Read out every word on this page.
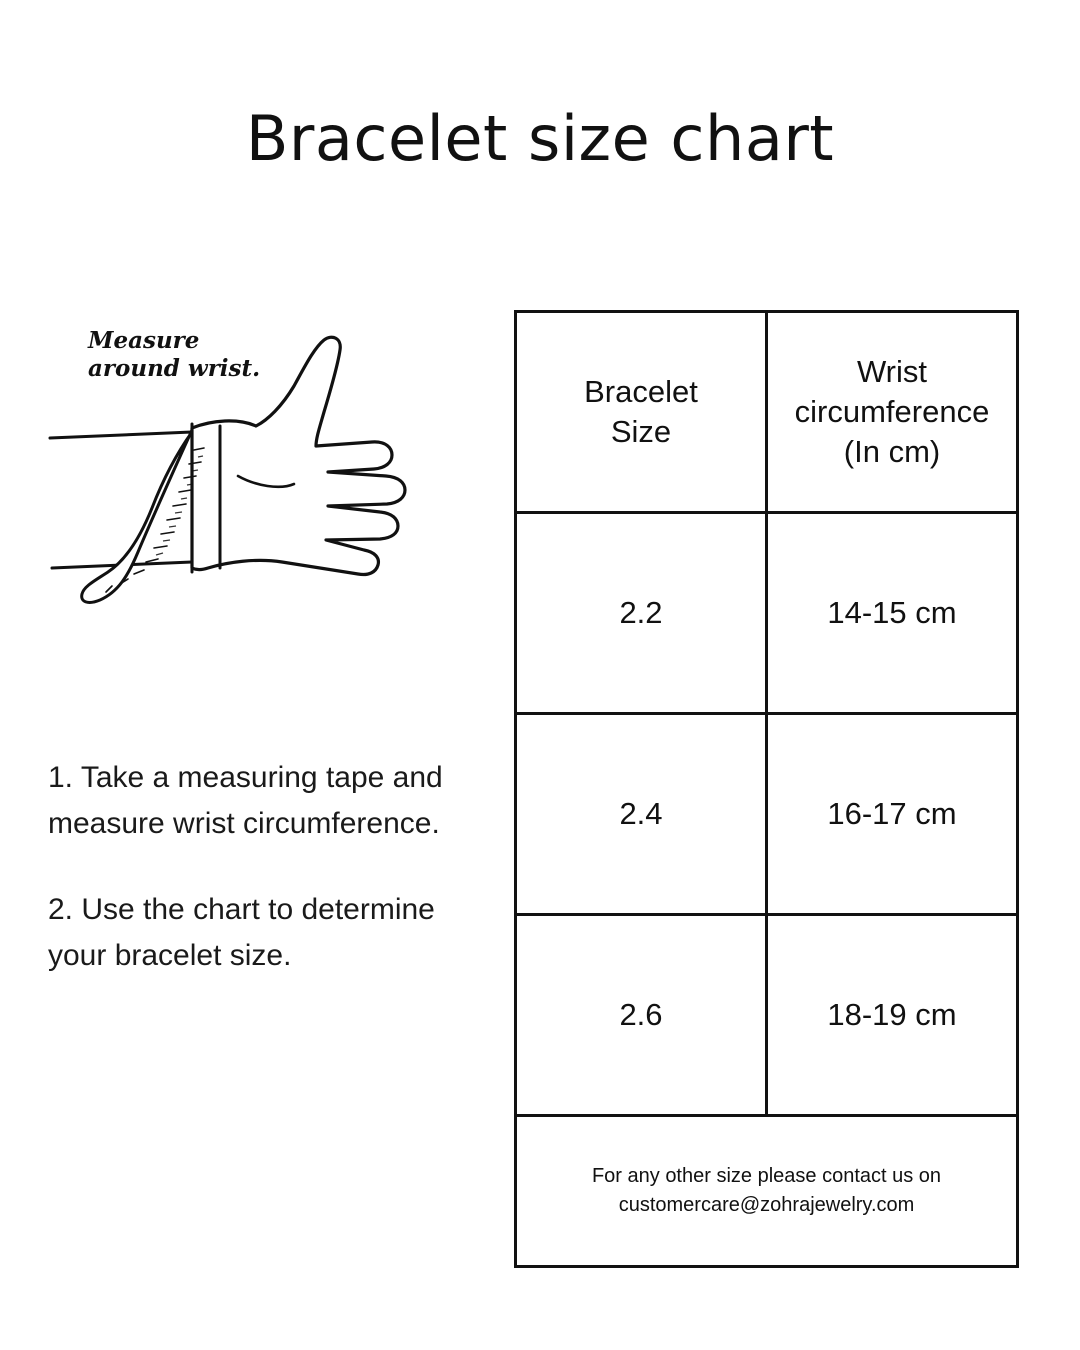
Bracelet size chart
Measure around wrist.

1. Take a measuring tape and measure wrist circumference.

2. Use the chart to determine your bracelet size.

Bracelet
Size

Wrist
circumference
(In cm)

2.2	14-15 cm
2.4	16-17 cm
2.6	18-19 cm

For any other size please contact us on
customercare@zohrajewelry.com	
